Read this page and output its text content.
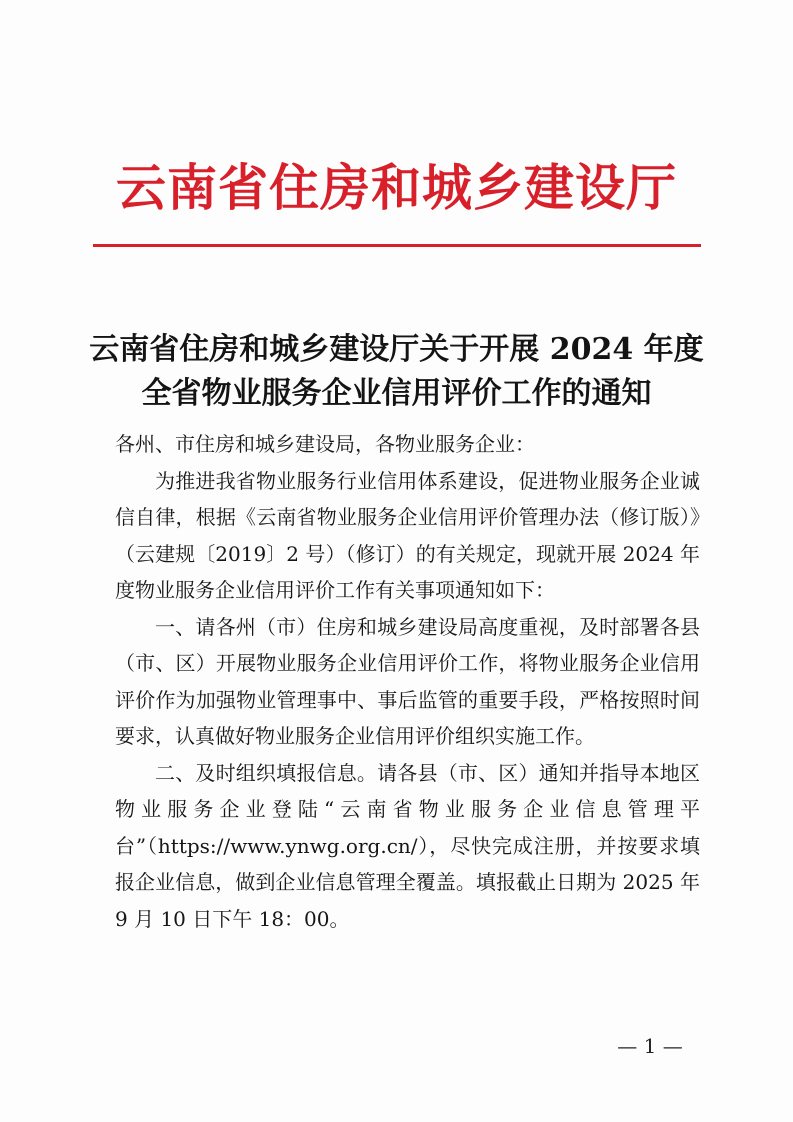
云南省住房和城乡建设厅
云南省住房和城乡建设厅关于开展 2024 年度
全省物业服务企业信用评价工作的通知

各州、市住房和城乡建设局，各物业服务企业：

为推进我省物业服务行业信用体系建设，促进物业服务企业诚信自律，根据《云南省物业服务企业信用评价管理办法（修订版）》（云建规〔2019〕2 号）（修订）的有关规定，现就开展 2024 年度物业服务企业信用评价工作有关事项通知如下：

一、请各州（市）住房和城乡建设局高度重视，及时部署各县（市、区）开展物业服务企业信用评价工作，将物业服务企业信用评价作为加强物业管理事中、事后监管的重要手段，严格按照时间要求，认真做好物业服务企业信用评价组织实施工作。

二、及时组织填报信息。请各县（市、区）通知并指导本地区物业服务企业登陆“云南省物业服务企业信息管理平台”（https://www.ynwg.org.cn/），尽快完成注册，并按要求填报企业信息，做到企业信息管理全覆盖。填报截止日期为 2025 年 9 月 10 日下午 18：00。

— 1 —
